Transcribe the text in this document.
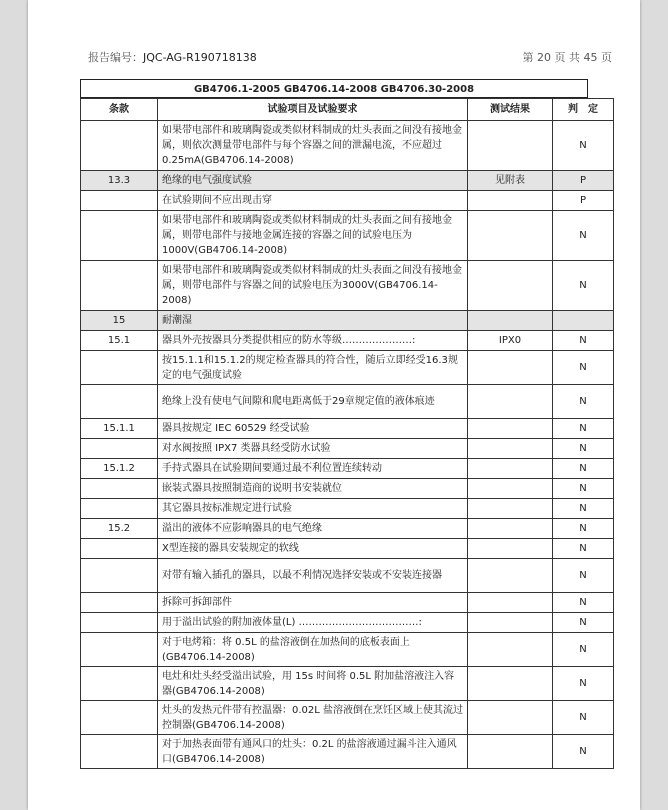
报告编号：JQC-AG-R190718138	第 20 页 共 45 页
GB4706.1-2005 GB4706.14-2008 GB4706.30-2008
条款	试验项目及试验要求	测试结果	判　定
	如果带电部件和玻璃陶瓷或类似材料制成的灶头表面之间没有接地金属，则依次测量带电部件与每个容器之间的泄漏电流，不应超过0.25mA(GB4706.14-2008)		N
13.3	绝缘的电气强度试验	见附表	P
	在试验期间不应出现击穿		P
	如果带电部件和玻璃陶瓷或类似材料制成的灶头表面之间有接地金属，则带电部件与接地金属连接的容器之间的试验电压为1000V(GB4706.14-2008)		N
	如果带电部件和玻璃陶瓷或类似材料制成的灶头表面之间没有接地金属，则带电部件与容器之间的试验电压为3000V(GB4706.14-2008)		N
15	耐潮湿		
15.1	器具外壳按器具分类提供相应的防水等级…………………:	IPX0	N
	按15.1.1和15.1.2的规定检查器具的符合性，随后立即经受16.3规定的电气强度试验		N
	绝缘上没有使电气间隙和爬电距离低于29章规定值的液体痕迹		N
15.1.1	器具按规定 IEC 60529 经受试验		N
	对水阀按照 IPX7 类器具经受防水试验		N
15.1.2	手持式器具在试验期间要通过最不利位置连续转动		N
	嵌装式器具按照制造商的说明书安装就位		N
	其它器具按标准规定进行试验		N
15.2	溢出的液体不应影响器具的电气绝缘		N
	X型连接的器具安装规定的软线		N
	对带有输入插孔的器具，以最不利情况选择安装或不安装连接器		N
	拆除可拆卸部件		N
	用于溢出试验的附加液体量(L) ………………………………:		N
	对于电烤箱：将 0.5L 的盐溶液倒在加热间的底板表面上(GB4706.14-2008)		N
	电灶和灶头经受溢出试验，用 15s 时间将 0.5L 附加盐溶液注入容器(GB4706.14-2008)		N
	灶头的发热元件带有控温器：0.02L 盐溶液倒在烹饪区域上使其流过控制器(GB4706.14-2008)		N
	对于加热表面带有通风口的灶头：0.2L 的盐溶液通过漏斗注入通风口(GB4706.14-2008)		N
